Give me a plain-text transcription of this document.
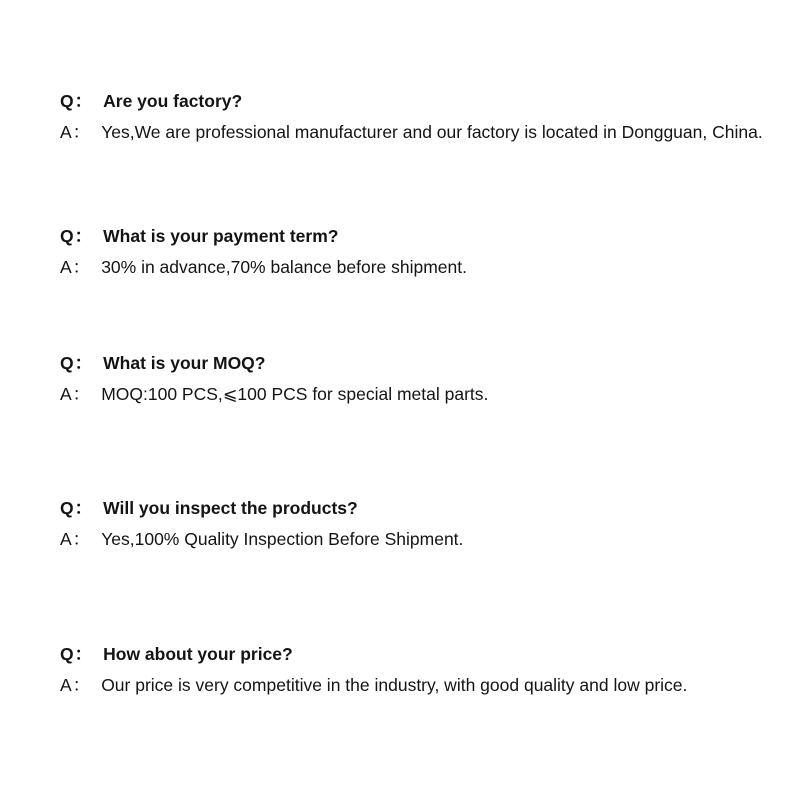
Q： Are you factory?
A： Yes,We are professional manufacturer and our factory is located in Dongguan, China.
Q： What is your payment term?
A： 30% in advance,70% balance before shipment.
Q： What is your MOQ?
A： MOQ:100 PCS,⩽100 PCS for special metal parts.
Q： Will you inspect the products?
A： Yes,100% Quality Inspection Before Shipment.
Q： How about your price?
A： Our price is very competitive in the industry, with good quality and low price.
